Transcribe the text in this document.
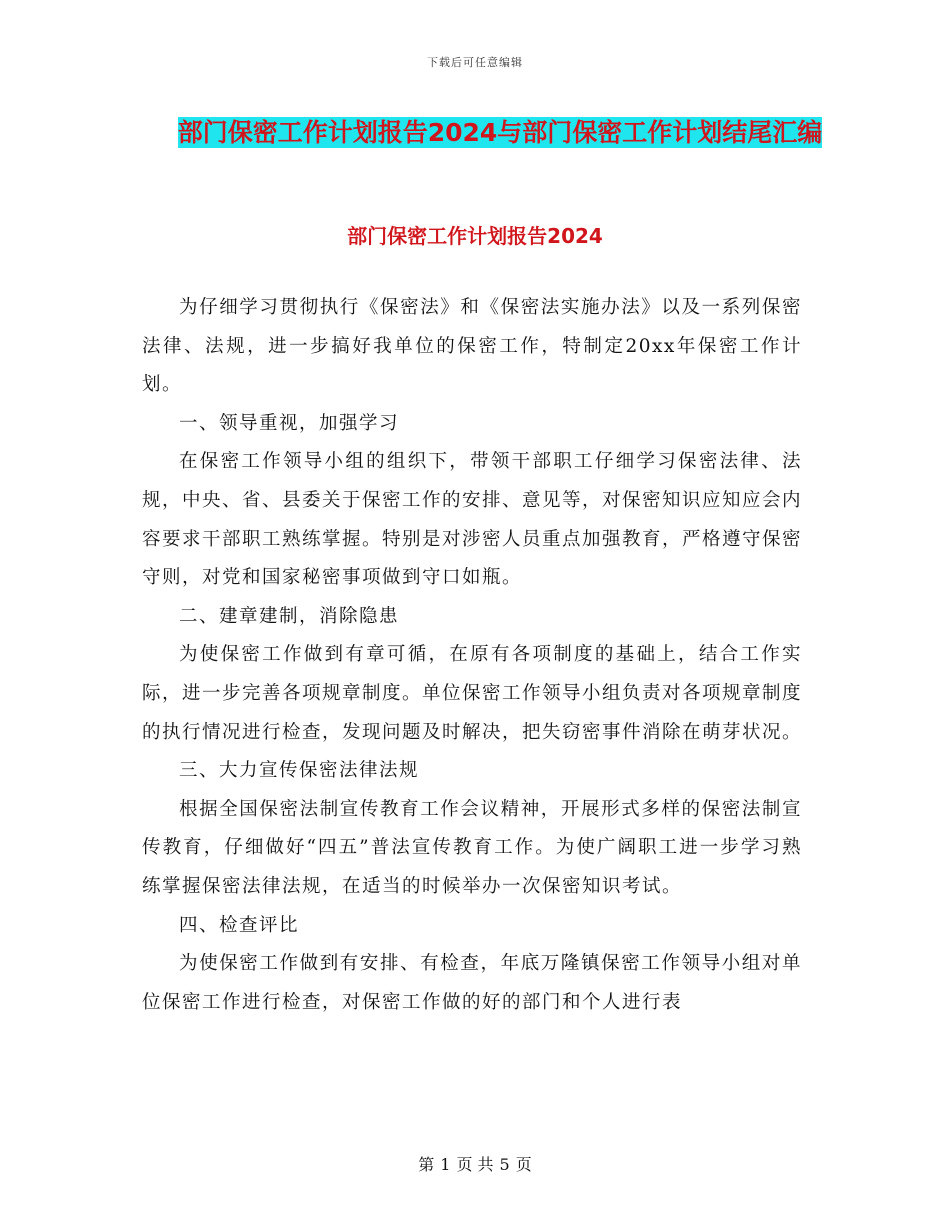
下载后可任意编辑
部门保密工作计划报告2024与部门保密工作计划结尾汇编
部门保密工作计划报告2024

为仔细学习贯彻执行《保密法》和《保密法实施办法》以及一系列保密法律、法规，进一步搞好我单位的保密工作，特制定20xx年保密工作计划。

一、领导重视，加强学习

在保密工作领导小组的组织下，带领干部职工仔细学习保密法律、法规，中央、省、县委关于保密工作的安排、意见等，对保密知识应知应会内容要求干部职工熟练掌握。特别是对涉密人员重点加强教育，严格遵守保密守则，对党和国家秘密事项做到守口如瓶。

二、建章建制，消除隐患

为使保密工作做到有章可循，在原有各项制度的基础上，结合工作实际，进一步完善各项规章制度。单位保密工作领导小组负责对各项规章制度的执行情况进行检查，发现问题及时解决，把失窃密事件消除在萌芽状况。

三、大力宣传保密法律法规

根据全国保密法制宣传教育工作会议精神，开展形式多样的保密法制宣传教育，仔细做好“四五”普法宣传教育工作。为使广阔职工进一步学习熟练掌握保密法律法规，在适当的时候举办一次保密知识考试。

四、检查评比

为使保密工作做到有安排、有检查，年底万隆镇保密工作领导小组对单位保密工作进行检查，对保密工作做的好的部门和个人进行表

第 1 页 共 5 页
